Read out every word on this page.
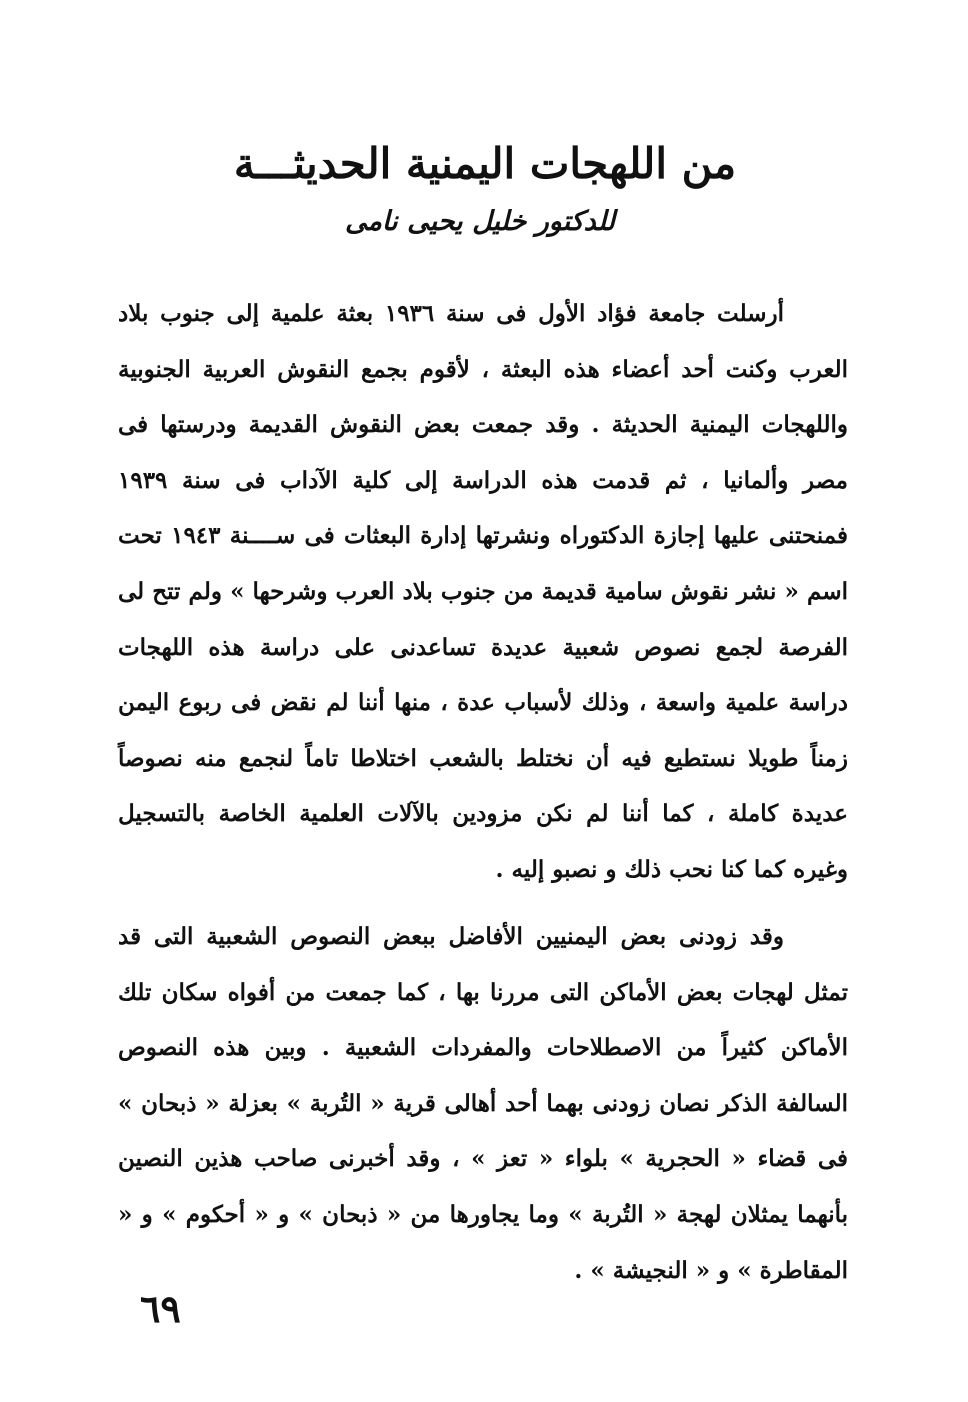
من اللهجات اليمنية الحديثـــة
للدكتور خليل يحيى نامى

أرسلت جامعة فؤاد الأول فى سنة ١٩٣٦ بعثة علمية إلى جنوب بلاد العرب وكنت أحد أعضاء هذه البعثة ، لأقوم بجمع النقوش العربية الجنوبية واللهجات اليمنية الحديثة . وقد جمعت بعض النقوش القديمة ودرستها فى مصر وألمانيا ، ثم قدمت هذه الدراسة إلى كلية الآداب فى سنة ١٩٣٩ فمنحتنى عليها إجازة الدكتوراه ونشرتها إدارة البعثات فى ســــنة ١٩٤٣ تحت اسم « نشر نقوش سامية قديمة من جنوب بلاد العرب وشرحها » ولم تتح لى الفرصة لجمع نصوص شعبية عديدة تساعدنى على دراسة هذه اللهجات دراسة علمية واسعة ، وذلك لأسباب عدة ، منها أننا لم نقض فى ربوع اليمن زمناً طويلا نستطيع فيه أن نختلط بالشعب اختلاطا تاماً لنجمع منه نصوصاً عديدة كاملة ، كما أننا لم نكن مزودين بالآلات العلمية الخاصة بالتسجيل وغيره كما كنا نحب ذلك و نصبو إليه .

وقد زودنى بعض اليمنيين الأفاضل ببعض النصوص الشعبية التى قد تمثل لهجات بعض الأماكن التى مررنا بها ، كما جمعت من أفواه سكان تلك الأماكن كثيراً من الاصطلاحات والمفردات الشعبية . وبين هذه النصوص السالفة الذكر نصان زودنى بهما أحد أهالى قرية « التُربة » بعزلة « ذبحان » فى قضاء « الحجرية » بلواء « تعز » ، وقد أخبرنى صاحب هذين النصين بأنهما يمثلان لهجة « التُربة » وما يجاورها من « ذبحان » و « أحكوم » و « المقاطرة » و « النجيشة » .

٦٩
